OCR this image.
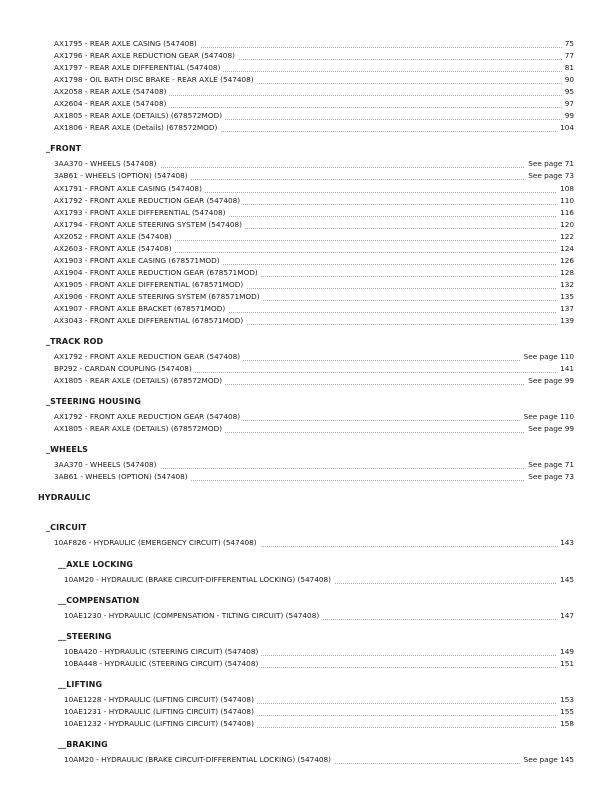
AX1795 - REAR AXLE CASING (547408)	75
AX1796 - REAR AXLE REDUCTION GEAR (547408)	77
AX1797 - REAR AXLE DIFFERENTIAL (547408)	81
AX1798 - OIL BATH DISC BRAKE - REAR AXLE (547408)	90
AX2058 - REAR AXLE (547408)	95
AX2604 - REAR AXLE (547408)	97
AX1805 - REAR AXLE (DETAILS) (678572MOD)	99
AX1806 - REAR AXLE (Details) (678572MOD)	104
_FRONT
3AA370 - WHEELS (547408)	See page 71
3AB61 - WHEELS (OPTION) (547408)	See page 73
AX1791 - FRONT AXLE CASING (547408)	108
AX1792 - FRONT AXLE REDUCTION GEAR (547408)	110
AX1793 - FRONT AXLE DIFFERENTIAL (547408)	116
AX1794 - FRONT AXLE STEERING SYSTEM (547408)	120
AX2052 - FRONT AXLE (547408)	122
AX2603 - FRONT AXLE (547408)	124
AX1903 - FRONT AXLE CASING (678571MOD)	126
AX1904 - FRONT AXLE REDUCTION GEAR (678571MOD)	128
AX1905 - FRONT AXLE DIFFERENTIAL (678571MOD)	132
AX1906 - FRONT AXLE STEERING SYSTEM (678571MOD)	135
AX1907 - FRONT AXLE BRACKET (678571MOD)	137
AX3043 - FRONT AXLE DIFFERENTIAL (678571MOD)	139
_TRACK ROD
AX1792 - FRONT AXLE REDUCTION GEAR (547408)	See page 110
BP292 - CARDAN COUPLING (547408)	141
AX1805 - REAR AXLE (DETAILS) (678572MOD)	See page 99
_STEERING HOUSING
AX1792 - FRONT AXLE REDUCTION GEAR (547408)	See page 110
AX1805 - REAR AXLE (DETAILS) (678572MOD)	See page 99
_WHEELS
3AA370 - WHEELS (547408)	See page 71
3AB61 - WHEELS (OPTION) (547408)	See page 73
HYDRAULIC
_CIRCUIT
10AF826 - HYDRAULIC (EMERGENCY CIRCUIT) (547408)	143
__AXLE LOCKING
10AM20 - HYDRAULIC (BRAKE CIRCUIT-DIFFERENTIAL LOCKING) (547408)	145
__COMPENSATION
10AE1230 - HYDRAULIC (COMPENSATION - TILTING CIRCUIT) (547408)	147
__STEERING
10BA420 - HYDRAULIC (STEERING CIRCUIT) (547408)	149
10BA448 - HYDRAULIC (STEERING CIRCUIT) (547408)	151
__LIFTING
10AE1228 - HYDRAULIC (LIFTING CIRCUIT) (547408)	153
10AE1231 - HYDRAULIC (LIFTING CIRCUIT) (547408)	155
10AE1232 - HYDRAULIC (LIFTING CIRCUIT) (547408)	158
__BRAKING
10AM20 - HYDRAULIC (BRAKE CIRCUIT-DIFFERENTIAL LOCKING) (547408)	See page 145
